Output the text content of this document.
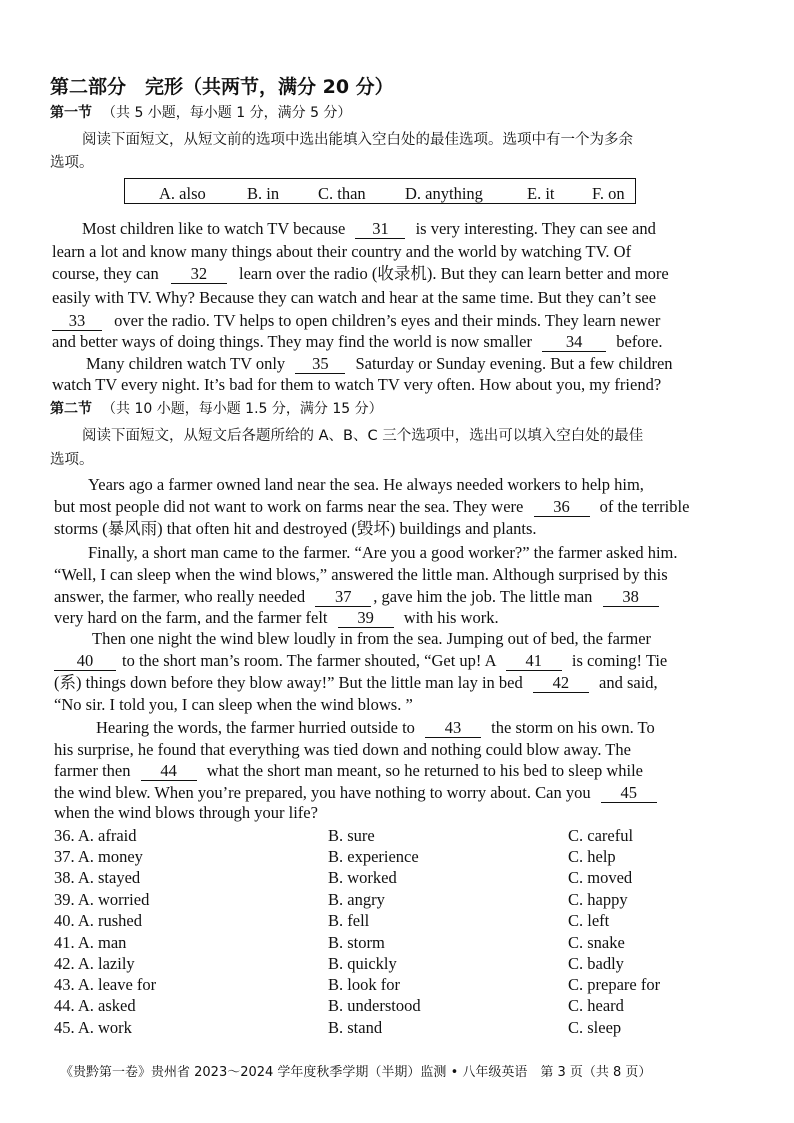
第二部分　完形（共两节，满分 20 分）
第一节 （共 5 小题，每小题 1 分，满分 5 分）
阅读下面短文，从短文前的选项中选出能填入空白处的最佳选项。选项中有一个为多余
选项。
A. also	B. in C. than D. anything	E. it F. on
Most children like to watch TV because 31 is very interesting. They can see and
learn a lot and know many things about their country and the world by watching TV. Of
course, they can 32 learn over the radio (收录机). But they can learn better and more
easily with TV. Why? Because they can watch and hear at the same time. But they can’t see
33 over the radio. TV helps to open children’s eyes and their minds. They learn newer
and better ways of doing things. They may find the world is now smaller 34 before.
Many children watch TV only 35 Saturday or Sunday evening. But a few children
watch TV every night. It’s bad for them to watch TV very often. How about you, my friend?
第二节 （共 10 小题，每小题 1.5 分，满分 15 分）
阅读下面短文，从短文后各题所给的 A、B、C 三个选项中，选出可以填入空白处的最佳
选项。
Years ago a farmer owned land near the sea. He always needed workers to help him,
but most people did not want to work on farms near the sea. They were 36 of the terrible
storms (暴风雨) that often hit and destroyed (毁坏) buildings and plants.
Finally, a short man came to the farmer. “Are you a good worker?” the farmer asked him.
“Well, I can sleep when the wind blows,” answered the little man. Although surprised by this
answer, the farmer, who really needed 37 , gave him the job. The little man 38
very hard on the farm, and the farmer felt 39 with his work.
Then one night the wind blew loudly in from the sea. Jumping out of bed, the farmer
40 to the short man’s room. The farmer shouted, “Get up! A 41 is coming! Tie
(系) things down before they blow away!” But the little man lay in bed 42 and said,
“No sir. I told you, I can sleep when the wind blows. ”
Hearing the words, the farmer hurried outside to 43 the storm on his own. To
his surprise, he found that everything was tied down and nothing could blow away. The
farmer then 44 what the short man meant, so he returned to his bed to sleep while
the wind blew. When you’re prepared, you have nothing to worry about. Can you 45
when the wind blows through your life?
36. A. afraid	B. sure	C. careful
37. A. money	B. experience	C. help
38. A. stayed	B. worked	C. moved
39. A. worried	B. angry	C. happy
40. A. rushed	B. fell	C. left
41. A. man	B. storm	C. snake
42. A. lazily	B. quickly	C. badly
43. A. leave for	B. look for	C. prepare for
44. A. asked	B. understood	C. heard
45. A. work	B. stand	C. sleep
《贵黔第一卷》贵州省 2023～2024 学年度秋季学期（半期）监测 • 八年级英语　第 3 页（共 8 页）
